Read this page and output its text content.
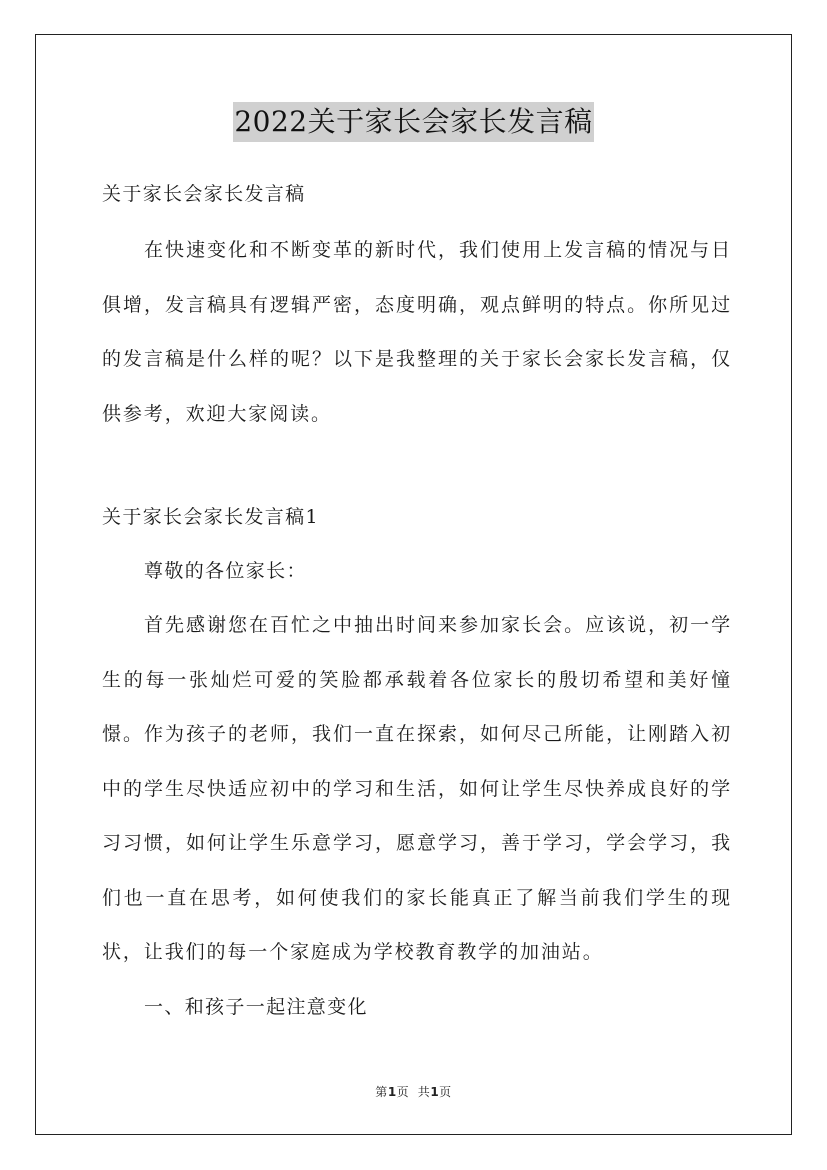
2022关于家长会家长发言稿

关于家长会家长发言稿

在快速变化和不断变革的新时代，我们使用上发言稿的情况与日俱增，发言稿具有逻辑严密，态度明确，观点鲜明的特点。你所见过的发言稿是什么样的呢？以下是我整理的关于家长会家长发言稿，仅供参考，欢迎大家阅读。

关于家长会家长发言稿1

尊敬的各位家长：

首先感谢您在百忙之中抽出时间来参加家长会。应该说，初一学生的每一张灿烂可爱的笑脸都承载着各位家长的殷切希望和美好憧憬。作为孩子的老师，我们一直在探索，如何尽己所能，让刚踏入初中的学生尽快适应初中的学习和生活，如何让学生尽快养成良好的学习习惯，如何让学生乐意学习，愿意学习，善于学习，学会学习，我们也一直在思考，如何使我们的家长能真正了解当前我们学生的现状，让我们的每一个家庭成为学校教育教学的加油站。

一、和孩子一起注意变化

第1页  共1页
